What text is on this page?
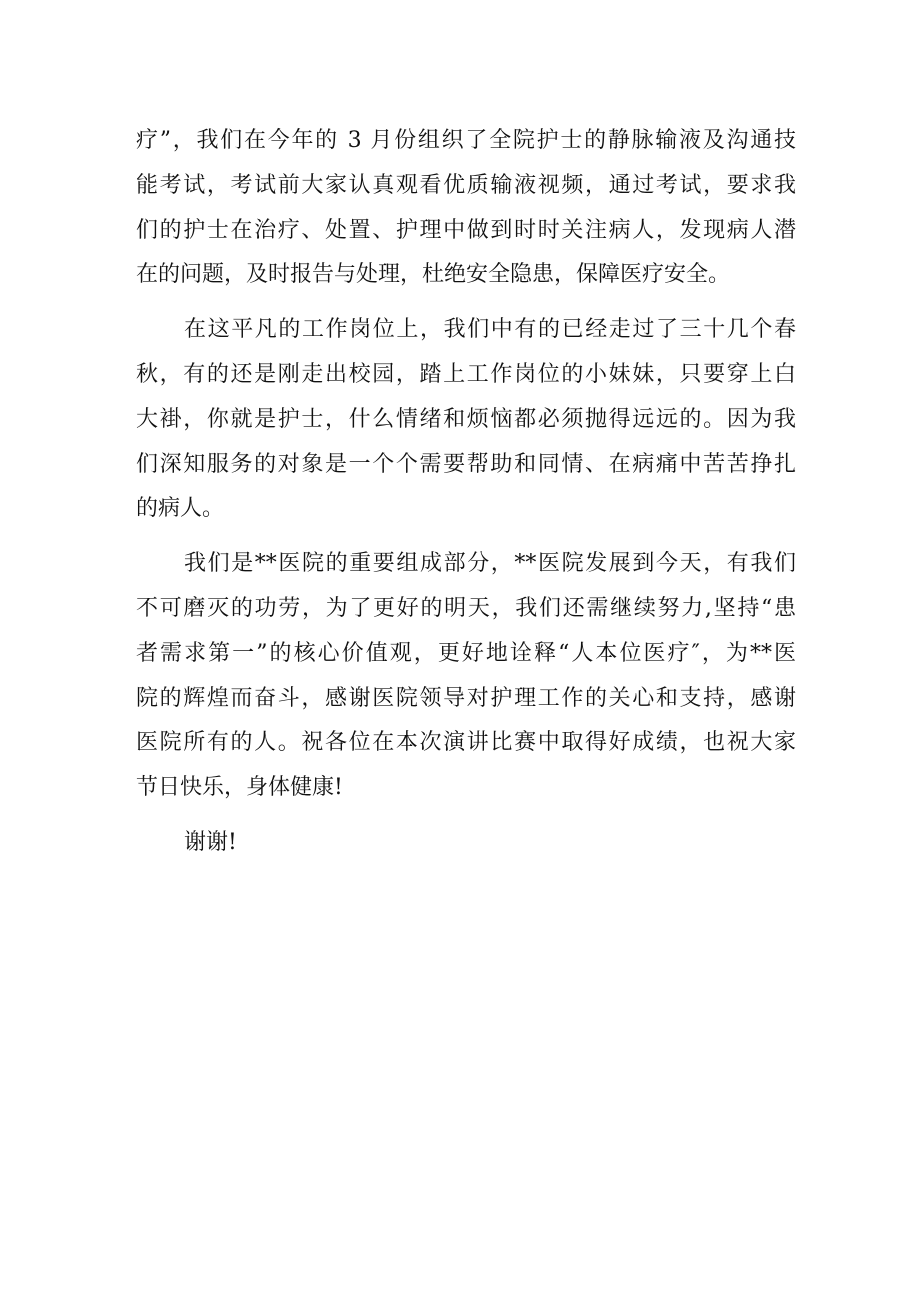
疗”，我们在今年的 3 月份组织了全院护士的静脉输液及沟通技
能考试，考试前大家认真观看优质输液视频，通过考试，要求我
们的护士在治疗、处置、护理中做到时时关注病人，发现病人潜
在的问题，及时报告与处理，杜绝安全隐患，保障医疗安全。

在这平凡的工作岗位上，我们中有的已经走过了三十几个春
秋，有的还是刚走出校园，踏上工作岗位的小妹妹，只要穿上白
大褂，你就是护士，什么情绪和烦恼都必须抛得远远的。因为我
们深知服务的对象是一个个需要帮助和同情、在病痛中苦苦挣扎
的病人。

我们是**医院的重要组成部分，**医院发展到今天，有我们
不可磨灭的功劳，为了更好的明天，我们还需继续努力,坚持“患
者需求第一”的核心价值观，更好地诠释“人本位医疗″，为**医
院的辉煌而奋斗，感谢医院领导对护理工作的关心和支持，感谢
医院所有的人。祝各位在本次演讲比赛中取得好成绩，也祝大家
节日快乐，身体健康!

谢谢!
